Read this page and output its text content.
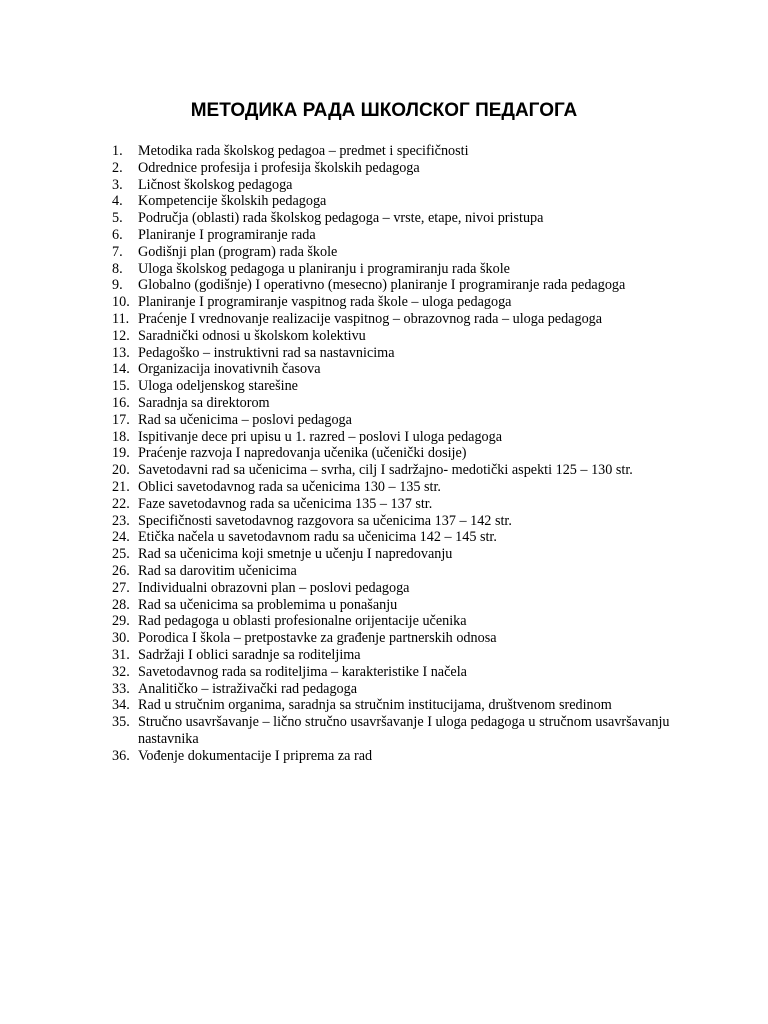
МЕТОДИКА РАДА ШКОЛСКОГ ПЕДАГОГА
1.	Metodika rada školskog pedagoa – predmet i specifičnosti
2.	Odrednice profesija i profesija školskih pedagoga
3.	Ličnost školskog pedagoga
4.	Kompetencije školskih pedagoga
5.	Područja (oblasti) rada školskog pedagoga – vrste, etape, nivoi pristupa
6.	Planiranje I programiranje rada
7.	Godišnji plan (program) rada škole
8.	Uloga školskog pedagoga u planiranju i programiranju rada škole
9.	Globalno (godišnje) I operativno (mesecno) planiranje I programiranje rada pedagoga
10. Planiranje I programiranje vaspitnog rada škole – uloga pedagoga
11. Praćenje I vrednovanje realizacije vaspitnog – obrazovnog rada – uloga pedagoga
12. Saradnički odnosi u školskom kolektivu
13. Pedagoško – instruktivni rad sa nastavnicima
14. Organizacija inovativnih časova
15. Uloga odeljenskog starešine
16. Saradnja sa direktorom
17. Rad sa učenicima – poslovi pedagoga
18. Ispitivanje dece pri upisu u 1. razred – poslovi I uloga pedagoga
19. Praćenje razvoja I napredovanja učenika (učenički dosije)
20. Savetodavni rad sa učenicima – svrha, cilj I sadržajno- medotički aspekti 125 – 130 str.
21. Oblici savetodavnog rada sa učenicima 130 – 135 str.
22. Faze savetodavnog rada sa učenicima 135 – 137 str.
23. Specifičnosti savetodavnog razgovora sa učenicima 137 – 142 str.
24. Etička načela u savetodavnom radu sa učenicima 142 – 145 str.
25. Rad sa učenicima koji smetnje u učenju I napredovanju
26. Rad sa darovitim učenicima
27. Individualni obrazovni plan – poslovi pedagoga
28. Rad sa učenicima sa problemima u ponašanju
29. Rad pedagoga u oblasti profesionalne orijentacije učenika
30. Porodica I škola – pretpostavke za građenje partnerskih odnosa
31. Sadržaji I oblici saradnje sa roditeljima
32. Savetodavnog rada sa roditeljima – karakteristike I načela
33. Analitičko – istraživački rad pedagoga
34. Rad u stručnim organima, saradnja sa stručnim institucijama, društvenom sredinom
35. Stručno usavršavanje – lično stručno usavršavanje I uloga pedagoga u stručnom usavršavanju nastavnika
36. Vođenje dokumentacije I priprema za rad
